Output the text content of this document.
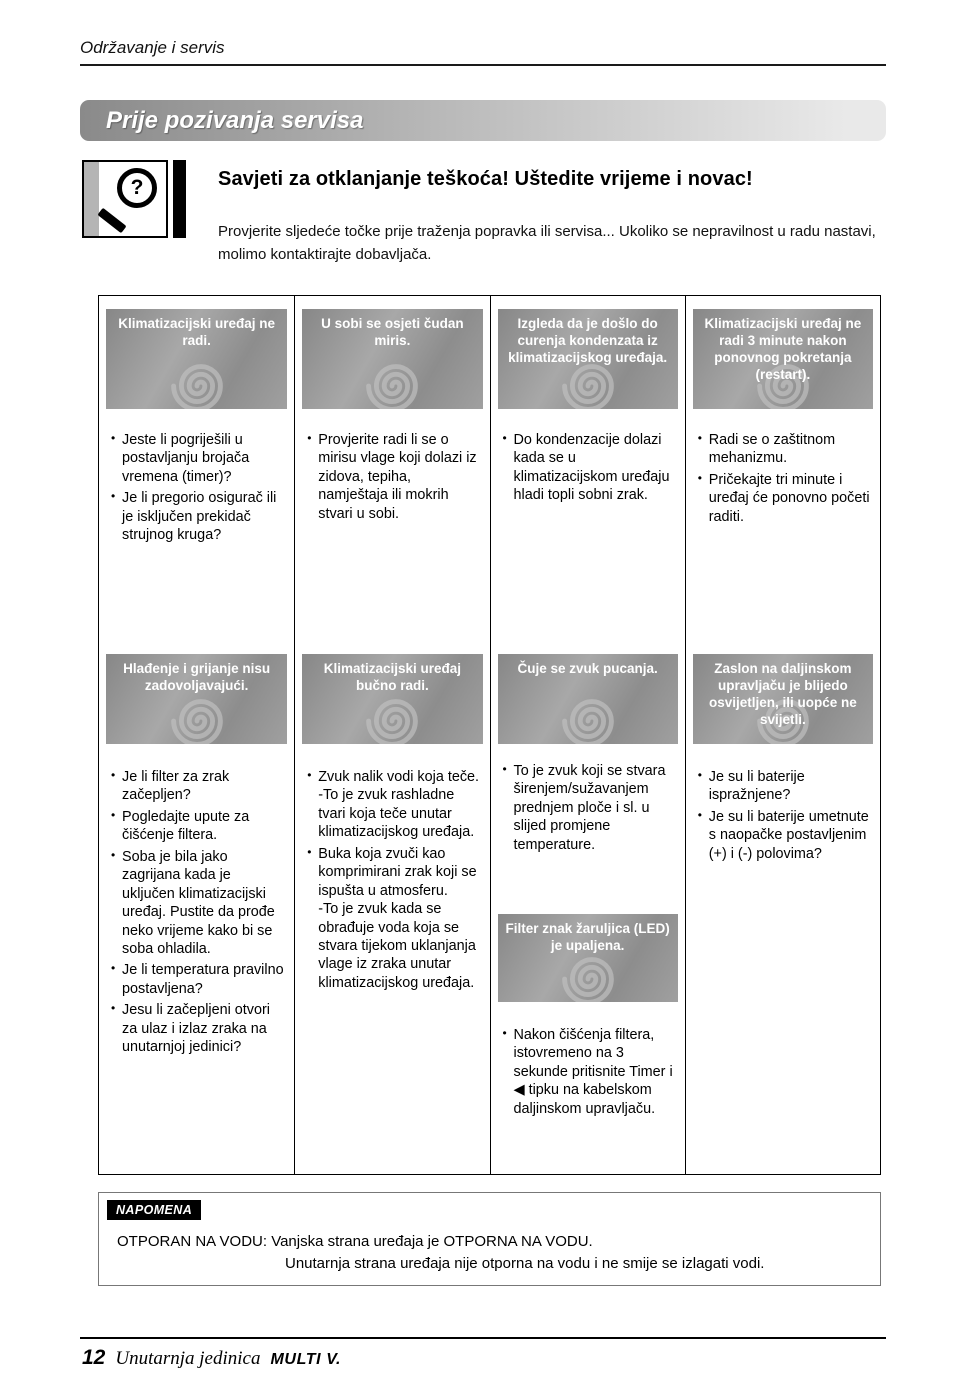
Održavanje i servis
Prije pozivanja servisa
?	Savjeti za otklanjanje teškoća! Uštedite vrijeme i novac!
Provjerite sljedeće točke prije traženja popravka ili servisa... Ukoliko se nepravilnost u radu nastavi, molimo kontaktirajte dobavljača.
Klimatizacijski uređaj ne radi.
• Jeste li pogriješili u postavljanju brojača vremena (timer)?
• Je li pregorio osigurač ili je isključen prekidač strujnog kruga?
Hlađenje i grijanje nisu zadovoljavajući.
• Je li filter za zrak začepljen?
• Pogledajte upute za čišćenje filtera.
• Soba je bila jako zagrijana kada je uključen klimatizacijski uređaj. Pustite da prođe neko vrijeme kako bi se soba ohladila.
• Je li temperatura pravilno postavljena?
• Jesu li začepljeni otvori za ulaz i izlaz zraka na unutarnjoj jedinici?
U sobi se osjeti čudan miris.
• Provjerite radi li se o mirisu vlage koji dolazi iz zidova, tepiha, namještaja ili mokrih stvari u sobi.
Klimatizacijski uređaj bučno radi.
• Zvuk nalik vodi koja teče.
-To je zvuk rashladne tvari koja teče unutar klimatizacijskog uređaja.
• Buka koja zvuči kao komprimirani zrak koji se ispušta u atmosferu.
-To je zvuk kada se obrađuje voda koja se stvara tijekom uklanjanja vlage iz zraka unutar klimatizacijskog uređaja.
Izgleda da je došlo do curenja kondenzata iz klimatizacijskog uređaja.
• Do kondenzacije dolazi kada se u klimatizacijskom uređaju hladi topli sobni zrak.
Čuje se zvuk pucanja.
• To je zvuk koji se stvara širenjem/sužavanjem prednjem ploče i sl. u slijed promjene temperature.
Filter znak žaruljica (LED) je upaljena.
• Nakon čišćenja filtera, istovremeno na 3 sekunde pritisnite Timer i ◀ tipku na kabelskom daljinskom upravljaču.
Klimatizacijski uređaj ne radi 3 minute nakon ponovnog pokretanja (restart).
• Radi se o zaštitnom mehanizmu.
• Pričekajte tri minute i uređaj će ponovno početi raditi.
Zaslon na daljinskom upravljaču je blijedo osvijetljen, ili uopće ne svijetli.
• Je su li baterije ispražnjene?
• Je su li baterije umetnute s naopačke postavljenim (+) i (-) polovima?
NAPOMENA
OTPORAN NA VODU: Vanjska strana uređaja je OTPORNA NA VODU.
Unutarnja strana uređaja nije otporna na vodu i ne smije se izlagati vodi.
12 Unutarnja jedinica MULTI V.
